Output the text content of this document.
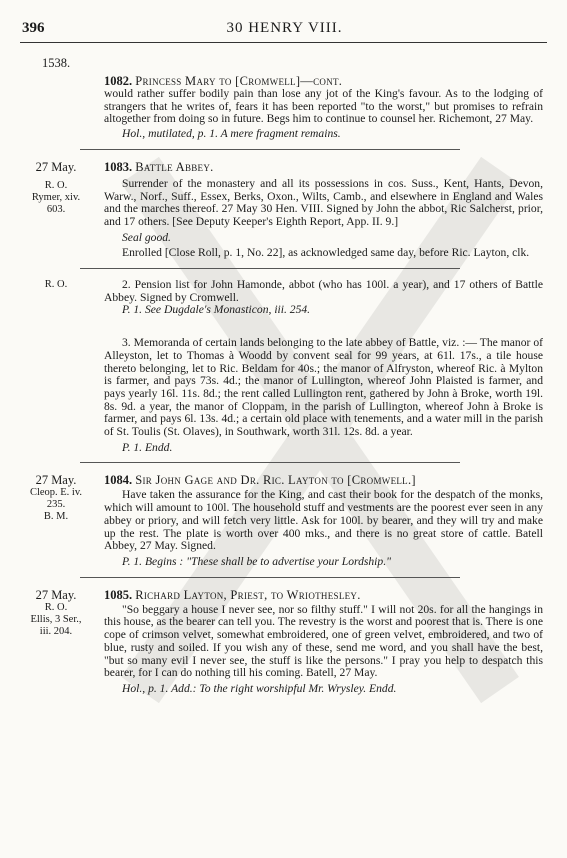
396	30 HENRY VIII.
1538.
1082. Princess Mary to [Cromwell]—cont.

would rather suffer bodily pain than lose any jot of the King's favour. As to the lodging of strangers that he writes of, fears it has been reported "to the worst," but promises to refrain altogether from doing so in future. Begs him to continue to counsel her. Richemont, 27 May.

Hol., mutilated, p. 1. A mere fragment remains.

27 May.
R. O.
Rymer, xiv.
603.
1083. Battle Abbey.

Surrender of the monastery and all its possessions in cos. Suss., Kent, Hants, Devon, Warw., Norf., Suff., Essex, Berks, Oxon., Wilts, Camb., and elsewhere in England and Wales and the marches thereof. 27 May 30 Hen. VIII. Signed by John the abbot, Ric Salcherst, prior, and 17 others. [See Deputy Keeper's Eighth Report, App. II. 9.]

Seal good.

Enrolled [Close Roll, p. 1, No. 22], as acknowledged same day, before Ric. Layton, clk.

R. O.	2. Pension list for John Hamonde, abbot (who has 100l. a year), and 17 others of Battle Abbey. Signed by Cromwell.

P. 1. See Dugdale's Monasticon, iii. 254.

3. Memoranda of certain lands belonging to the late abbey of Battle, viz. :— The manor of Alleyston, let to Thomas à Woodd by convent seal for 99 years, at 61l. 17s., a tile house thereto belonging, let to Ric. Beldam for 40s.; the manor of Alfryston, whereof Ric. à Mylton is farmer, and pays 73s. 4d.; the manor of Lullington, whereof John Plaisted is farmer, and pays yearly 16l. 11s. 8d.; the rent called Lullington rent, gathered by John à Broke, worth 19l. 8s. 9d. a year, the manor of Cloppam, in the parish of Lullington, whereof John à Broke is farmer, and pays 6l. 13s. 4d.; a certain old place with tenements, and a water mill in the parish of St. Toulis (St. Olaves), in Southwark, worth 31l. 12s. 8d. a year.

P. 1. Endd.

27 May.
Cleop. E. iv.
235.
B. M.
1084. Sir John Gage and Dr. Ric. Layton to [Cromwell.]

Have taken the assurance for the King, and cast their book for the despatch of the monks, which will amount to 100l. The household stuff and vestments are the poorest ever seen in any abbey or priory, and will fetch very little. Ask for 100l. by bearer, and they will try and make up the rest. The plate is worth over 400 mks., and there is no great store of cattle. Batell Abbey, 27 May. Signed.

P. 1. Begins : "These shall be to advertise your Lordship."

27 May.
R. O.
Ellis, 3 Ser.,
iii. 204.
1085. Richard Layton, Priest, to Wriothesley.

"So beggary a house I never see, nor so filthy stuff." I will not 20s. for all the hangings in this house, as the bearer can tell you. The revestry is the worst and poorest that is. There is one cope of crimson velvet, somewhat embroidered, one of green velvet, embroidered, and two of blue, rusty and soiled. If you wish any of these, send me word, and you shall have the best, "but so many evil I never see, the stuff is like the persons." I pray you help to despatch this bearer, for I can do nothing till his coming. Batell, 27 May.

Hol., p. 1. Add.: To the right worshipful Mr. Wrysley. Endd.
